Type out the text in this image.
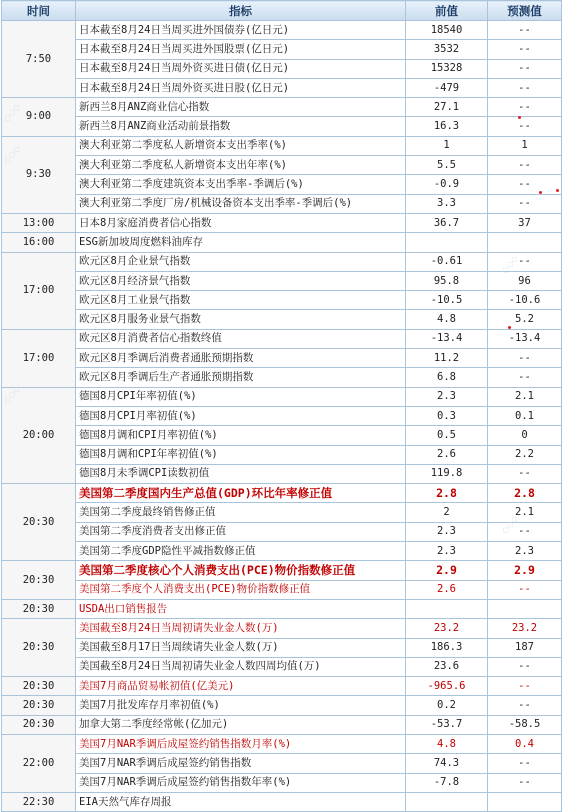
时间	指标	前值	预测值
7:50	日本截至8月24日当周买进外国债券(亿日元)	18540	--
	日本截至8月24日当周买进外国股票(亿日元)	3532	--
	日本截至8月24日当周外资买进日债(亿日元)	15328	--
	日本截至8月24日当周外资买进日股(亿日元)	-479	--
9:00	新西兰8月ANZ商业信心指数	27.1	--
	新西兰8月ANZ商业活动前景指数	16.3	--
9:30	澳大利亚第二季度私人新增资本支出季率(%)	1	1
	澳大利亚第二季度私人新增资本支出年率(%)	5.5	--
	澳大利亚第二季度建筑资本支出季率-季调后(%)	-0.9	--
	澳大利亚第二季度厂房/机械设备资本支出季率-季调后(%)	3.3	--
13:00	日本8月家庭消费者信心指数	36.7	37
16:00	ESG新加坡周度燃料油库存		
17:00	欧元区8月企业景气指数	-0.61	--
	欧元区8月经济景气指数	95.8	96
	欧元区8月工业景气指数	-10.5	-10.6
	欧元区8月服务业景气指数	4.8	5.2
17:00	欧元区8月消费者信心指数终值	-13.4	-13.4
	欧元区8月季调后消费者通胀预期指数	11.2	--
	欧元区8月季调后生产者通胀预期指数	6.8	--
20:00	德国8月CPI年率初值(%)	2.3	2.1
	德国8月CPI月率初值(%)	0.3	0.1
	德国8月调和CPI月率初值(%)	0.5	0
	德国8月调和CPI年率初值(%)	2.6	2.2
	德国8月未季调CPI读数初值	119.8	--
20:30	美国第二季度国内生产总值(GDP)环比年率修正值	2.8	2.8
	美国第二季度最终销售修正值	2	2.1
	美国第二季度消费者支出修正值	2.3	--
	美国第二季度GDP隐性平减指数修正值	2.3	2.3
20:30	美国第二季度核心个人消费支出(PCE)物价指数修正值	2.9	2.9
	美国第二季度个人消费支出(PCE)物价指数修正值	2.6	--
20:30	USDA出口销售报告		
20:30	美国截至8月24日当周初请失业金人数(万)	23.2	23.2
	美国截至8月17日当周续请失业金人数(万)	186.3	187
	美国截至8月24日当周初请失业金人数四周均值(万)	23.6	--
20:30	美国7月商品贸易帐初值(亿美元)	-965.6	--
20:30	美国7月批发库存月率初值(%)	0.2	--
20:30	加拿大第二季度经常帐(亿加元)	-53.7	-58.5
22:00	美国7月NAR季调后成屋签约销售指数月率(%)	4.8	0.4
	美国7月NAR季调后成屋签约销售指数	74.3	--
	美国7月NAR季调后成屋签约销售指数年率(%)	-7.8	--
22:30	EIA天然气库存周报		
◇◇◇
◇◇◇
◇◇◇
◇◇◇
◇◇◇
